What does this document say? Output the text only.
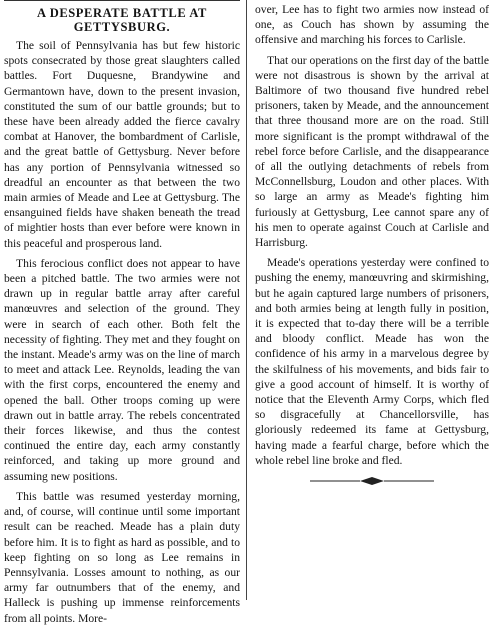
A DESPERATE BATTLE AT GETTYSBURG.

The soil of Pennsylvania has but few historic spots consecrated by those great slaughters called battles. Fort Duquesne, Brandywine and Germantown have, down to the present invasion, constituted the sum of our battle grounds; but to these have been already added the fierce cavalry combat at Hanover, the bombardment of Carlisle, and the great battle of Gettysburg. Never before has any portion of Pennsylvania witnessed so dreadful an encounter as that between the two main armies of Meade and Lee at Gettysburg. The ensanguined fields have shaken beneath the tread of mightier hosts than ever before were known in this peaceful and prosperous land.

This ferocious conflict does not appear to have been a pitched battle. The two armies were not drawn up in regular battle array after careful manœuvres and selection of the ground. They were in search of each other. Both felt the necessity of fighting. They met and they fought on the instant. Meade's army was on the line of march to meet and attack Lee. Reynolds, leading the van with the first corps, encountered the enemy and opened the ball. Other troops coming up were drawn out in battle array. The rebels concentrated their forces likewise, and thus the contest continued the entire day, each army constantly reinforced, and taking up more ground and assuming new positions.

This battle was resumed yesterday morning, and, of course, will continue until some important result can be reached. Meade has a plain duty before him. It is to fight as hard as possible, and to keep fighting on so long as Lee remains in Pennsylvania. Losses amount to nothing, as our army far outnumbers that of the enemy, and Halleck is pushing up immense reinforcements from all points. More-

over, Lee has to fight two armies now instead of one, as Couch has shown by assuming the offensive and marching his forces to Carlisle.

That our operations on the first day of the battle were not disastrous is shown by the arrival at Baltimore of two thousand five hundred rebel prisoners, taken by Meade, and the announcement that three thousand more are on the road. Still more significant is the prompt withdrawal of the rebel force before Carlisle, and the disappearance of all the outlying detachments of rebels from McConnellsburg, Loudon and other places. With so large an army as Meade's fighting him furiously at Gettysburg, Lee cannot spare any of his men to operate against Couch at Carlisle and Harrisburg.

Meade's operations yesterday were confined to pushing the enemy, manœuvring and skirmishing, but he again captured large numbers of prisoners, and both armies being at length fully in position, it is expected that to-day there will be a terrible and bloody conflict. Meade has won the confidence of his army in a marvelous degree by the skilfulness of his movements, and bids fair to give a good account of himself. It is worthy of notice that the Eleventh Army Corps, which fled so disgracefully at Chancellorsville, has gloriously redeemed its fame at Gettysburg, having made a fearful charge, before which the whole rebel line broke and fled.
